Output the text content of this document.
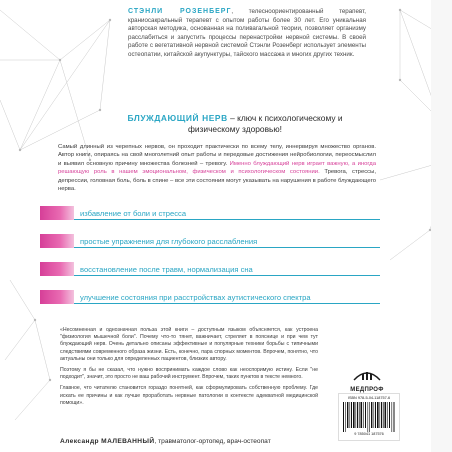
СТЭНЛИ РОЗЕНБЕРГ, телесноориентированный терапевт, краниосакральный терапевт с опытом работы более 30 лет. Его уникальная авторская методика, основанная на поливагальной теории, позволяет организму расслабиться и запустить процессы перенастройки нервной системы. В своей работе с вегетативной нервной системой Стэнли Розенберг использует элементы остеопатии, китайской акупунктуры, тайского массажа и многих других техник.
БЛУЖДАЮЩИЙ НЕРВ – ключ к психологическому и физическому здоровью!
Самый длинный из черепных нервов, он проходит практически по всему телу, иннервируя множество органов. Автор книги, опираясь на свой многолетний опыт работы и передовые достижения нейробиологии, переосмыслил и выявил основную причину множества болезней – тревогу. Именно блуждающий нерв играет важную, а иногда решающую роль в нашем эмоциональном, физическом и психологическом состоянии. Тревога, стрессы, депрессии, головная боль, боль в спине – все эти состояния могут указывать на нарушения в работе блуждающего нерва.
избавление от боли и стресса
простые упражнения для глубокого расслабления
восстановление после травм, нормализация сна
улучшение состояния при расстройствах аутистического спектра

«Несомненная и однозначная польза этой книги – доступным языком объясняется, как устроена "физиология мышечной боли". Почему что-то тянет, важничает, стреляет в пояснице и при чем тут блуждающий нерв. Очень детально описаны эффективные и популярные техники борьбы с типичными следствиями современного образа жизни. Есть, конечно, пара спорных моментов. Впрочем, понятно, что актуальны они только для определенных пациентов, близких автору.

Поэтому я бы не сказал, что нужно воспринимать каждое слово как неоспоримую истину. Если "не подходит", значит, это просто не ваш рабочий инструмент. Впрочем, таких пунктов в тексте немного.

Главное, что читателю становится гораздо понятней, как сформулировать собственную проблему. Где искать ее причины и как лучше проработать нервные патологии в контексте адекватной медицинской помощи».

Александр МАЛЕВАННЫЙ, травматолог-ортопед, врач-остеопат
МЕДПРОФ
ISBN 978-5-04-118757-6
9 785041 187576
